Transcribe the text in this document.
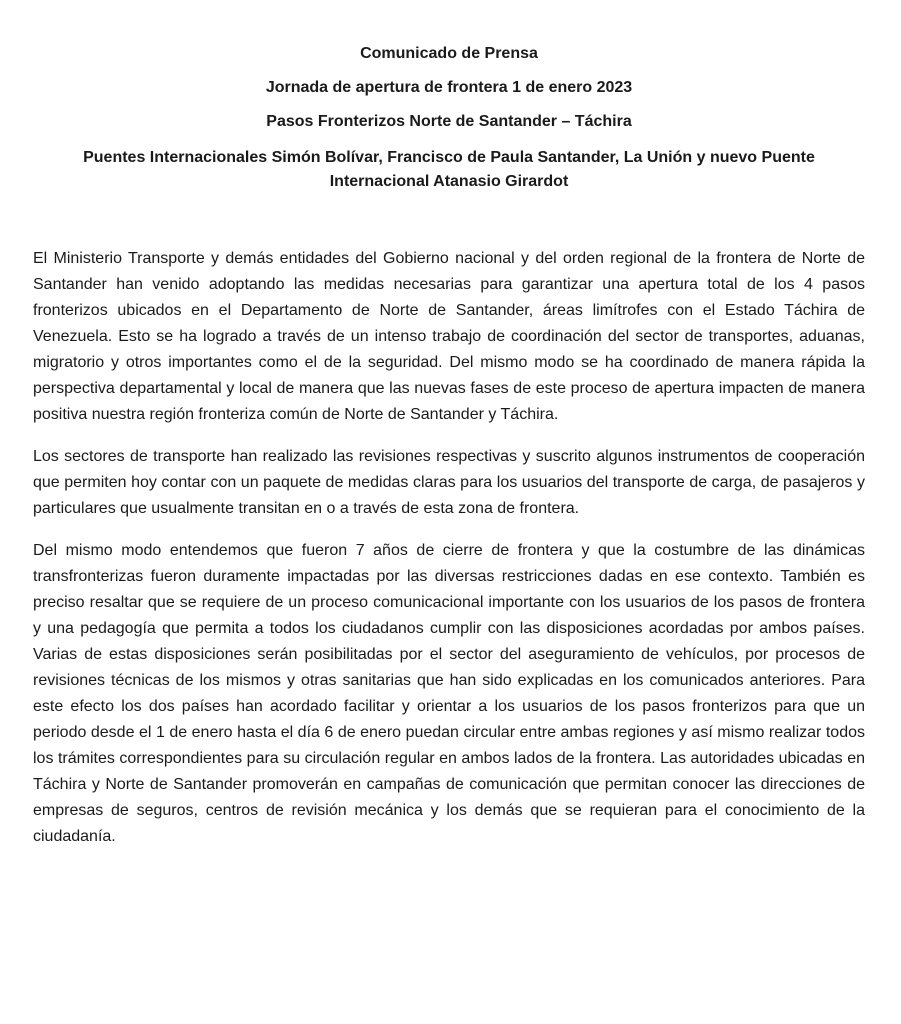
Comunicado de Prensa

Jornada de apertura de frontera 1 de enero 2023

Pasos Fronterizos Norte de Santander – Táchira

Puentes Internacionales Simón Bolívar, Francisco de Paula Santander, La Unión y nuevo Puente Internacional Atanasio Girardot

El Ministerio Transporte y demás entidades del Gobierno nacional y del orden regional de la frontera de Norte de Santander han venido adoptando las medidas necesarias para garantizar una apertura total de los 4 pasos fronterizos ubicados en el Departamento de Norte de Santander, áreas limítrofes con el Estado Táchira de Venezuela. Esto se ha logrado a través de un intenso trabajo de coordinación del sector de transportes, aduanas, migratorio y otros importantes como el de la seguridad. Del mismo modo se ha coordinado de manera rápida la perspectiva departamental y local de manera que las nuevas fases de este proceso de apertura impacten de manera positiva nuestra región fronteriza común de Norte de Santander y Táchira.

Los sectores de transporte han realizado las revisiones respectivas y suscrito algunos instrumentos de cooperación que permiten hoy contar con un paquete de medidas claras para los usuarios del transporte de carga, de pasajeros y particulares que usualmente transitan en o a través de esta zona de frontera.

Del mismo modo entendemos que fueron 7 años de cierre de frontera y que la costumbre de las dinámicas transfronterizas fueron duramente impactadas por las diversas restricciones dadas en ese contexto. También es preciso resaltar que se requiere de un proceso comunicacional importante con los usuarios de los pasos de frontera y una pedagogía que permita a todos los ciudadanos cumplir con las disposiciones acordadas por ambos países. Varias de estas disposiciones serán posibilitadas por el sector del aseguramiento de vehículos, por procesos de revisiones técnicas de los mismos y otras sanitarias que han sido explicadas en los comunicados anteriores. Para este efecto los dos países han acordado facilitar y orientar a los usuarios de los pasos fronterizos para que un periodo desde el 1 de enero hasta el día 6 de enero puedan circular entre ambas regiones y así mismo realizar todos los trámites correspondientes para su circulación regular en ambos lados de la frontera. Las autoridades ubicadas en Táchira y Norte de Santander promoverán en campañas de comunicación que permitan conocer las direcciones de empresas de seguros, centros de revisión mecánica y los demás que se requieran para el conocimiento de la ciudadanía.
